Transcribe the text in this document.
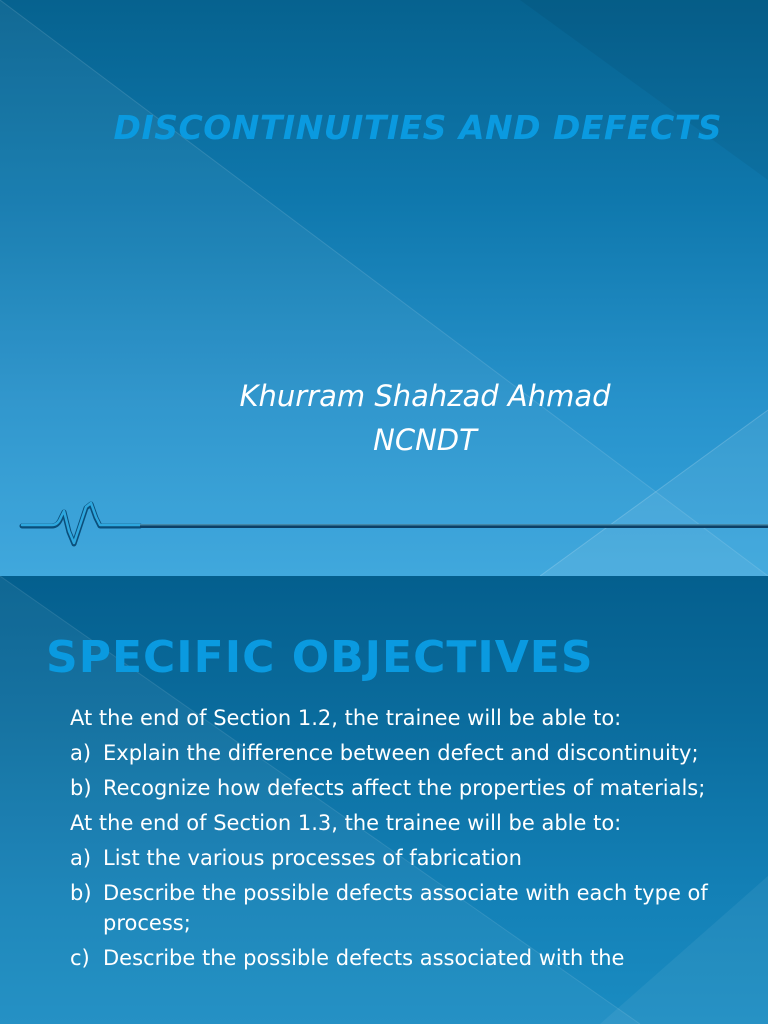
DISCONTINUITIES AND DEFECTS
Khurram Shahzad Ahmad
NCNDT
SPECIFIC OBJECTIVES
At the end of Section 1.2, the trainee will be able to:
a) Explain the difference between defect and discontinuity;
b) Recognize how defects affect the properties of materials;
At the end of Section 1.3, the trainee will be able to:
a) List the various processes of fabrication
b) Describe the possible defects associate with each type of process;
c) Describe the possible defects associated with the
